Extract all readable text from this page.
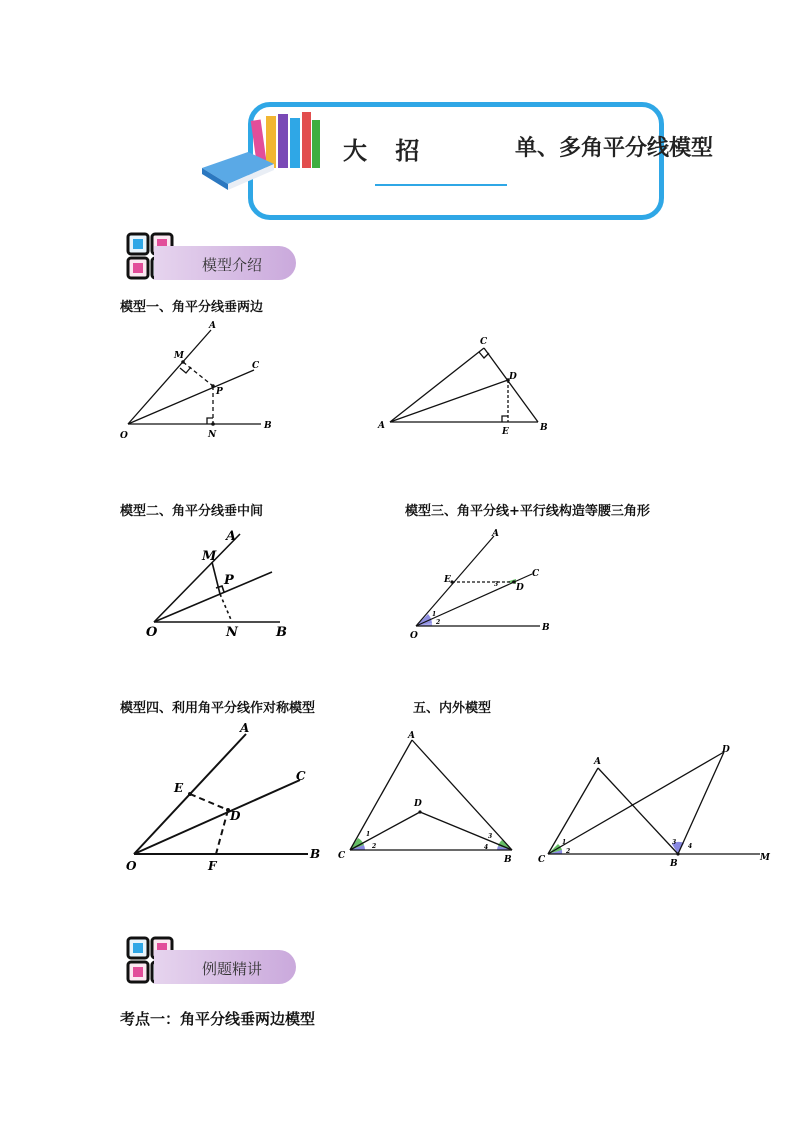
大 招	单、多角平分线模型
模型介绍
模型一、角平分线垂两边
O
A
C
B
M
N
P
A	B
C
D
E
模型二、角平分线垂中间	模型三、角平分线+平行线构造等腰三角形
O
A
B
M
N
P
O
A
B
C
D
E
1
2
3
模型四、利用角平分线作对称模型	五、内外模型
O
A
B
C
D
E
F
A
B
C
D
1
2
3
4
A
B
C
D
M
1
2
3
4
例题精讲
考点一：角平分线垂两边模型
